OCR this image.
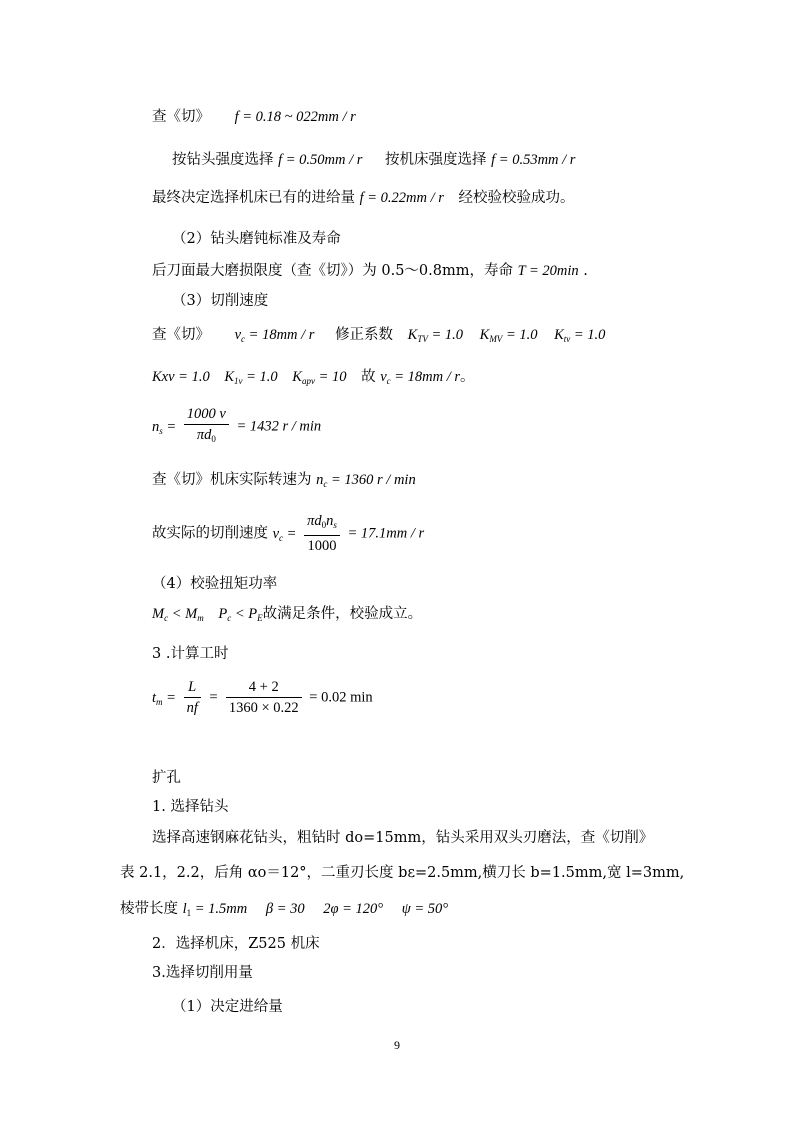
查《切》 f = 0.18 ~ 022mm / r
按钻头强度选择 f = 0.50mm / r 按机床强度选择 f = 0.53mm / r
最终决定选择机床已有的进给量 f = 0.22mm / r 经校验校验成功。
（2）钻头磨钝标准及寿命
后刀面最大磨损限度（查《切》）为 0.5～0.8mm，寿命 T = 20min .
（3）切削速度
查《切》 $v_c = 18mm / r$ 修正系数 $K_{TV} = 1.0$ $K_{MV} = 1.0$ $K_{tv} = 1.0$
Kxv = 1.0 $K_{1v} = 1.0$ $K_{apv} = 10$ 故 $v_c = 18mm / r$。
$n_s = \frac{1000 v}{\pi d_0} = 1432$ r / min
查《切》机床实际转速为 $n_c = 1360$ r / min
故实际的切削速度 $v_c = \frac{\pi d_0n_s}{1000} = 17.1mm / r$
（4）校验扭矩功率
$M_c < M_m$ $P_c < P_E$故满足条件，校验成立。
3 .计算工时
$t_m = \frac{L}{nf} = \frac{4 + 2}{1360 \times 0.22} = 0.02$ min
扩孔
1. 选择钻头
选择高速钢麻花钻头，粗钻时 do=15mm，钻头采用双头刃磨法，查《切削》
表 2.1，2.2，后角 αo＝12°，二重刃长度 bε=2.5mm,横刀长 b=1.5mm,宽 l=3mm,
棱带长度 $l_1 = 1.5mm$ β = 30 2φ = 120° ψ = 50°
2．选择机床，Z525 机床
3.选择切削用量
（1）决定进给量
9
